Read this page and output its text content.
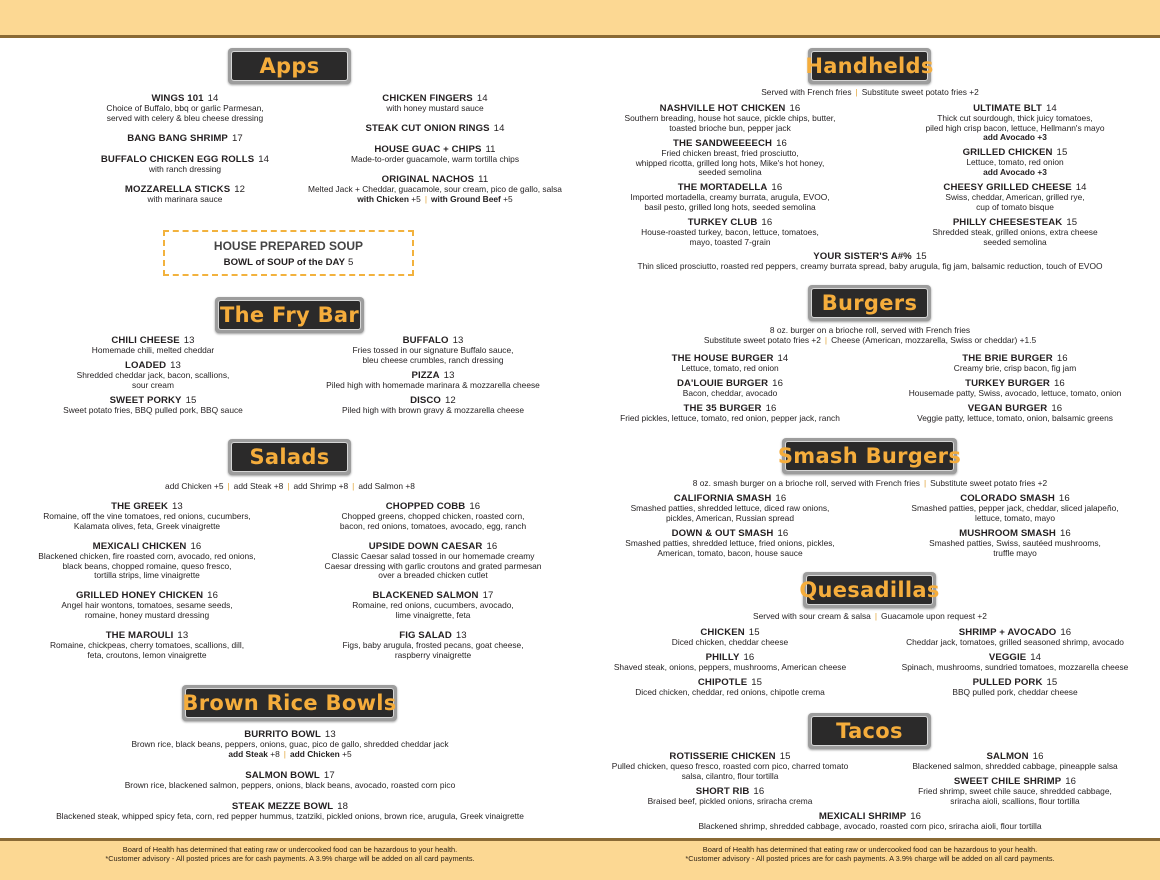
Apps
WINGS 101 14
Choice of Buffalo, bbq or garlic Parmesan,
served with celery & bleu cheese dressing
BANG BANG SHRIMP 17
BUFFALO CHICKEN EGG ROLLS 14
with ranch dressing
MOZZARELLA STICKS 12
with marinara sauce
CHICKEN FINGERS 14
with honey mustard sauce
STEAK CUT ONION RINGS 14
HOUSE GUAC + CHIPS 11
Made-to-order guacamole, warm tortilla chips
ORIGINAL NACHOS 11
Melted Jack + Cheddar, guacamole, sour cream, pico de gallo, salsa
with Chicken +5 | with Ground Beef +5
HOUSE PREPARED SOUP
BOWL of SOUP of the DAY 5
The Fry Bar
CHILI CHEESE 13
Homemade chili, melted cheddar
LOADED 13
Shredded cheddar jack, bacon, scallions,
sour cream
SWEET PORKY 15
Sweet potato fries, BBQ pulled pork, BBQ sauce
BUFFALO 13
Fries tossed in our signature Buffalo sauce,
bleu cheese crumbles, ranch dressing
PIZZA 13
Piled high with homemade marinara & mozzarella cheese
DISCO 12
Piled high with brown gravy & mozzarella cheese
Salads
add Chicken +5 | add Steak +8 | add Shrimp +8 | add Salmon +8
THE GREEK 13
Romaine, off the vine tomatoes, red onions, cucumbers,
Kalamata olives, feta, Greek vinaigrette
MEXICALI CHICKEN 16
Blackened chicken, fire roasted corn, avocado, red onions,
black beans, chopped romaine, queso fresco,
tortilla strips, lime vinaigrette
GRILLED HONEY CHICKEN 16
Angel hair wontons, tomatoes, sesame seeds,
romaine, honey mustard dressing
THE MAROULI 13
Romaine, chickpeas, cherry tomatoes, scallions, dill,
feta, croutons, lemon vinaigrette
CHOPPED COBB 16
Chopped greens, chopped chicken, roasted corn,
bacon, red onions, tomatoes, avocado, egg, ranch
UPSIDE DOWN CAESAR 16
Classic Caesar salad tossed in our homemade creamy
Caesar dressing with garlic croutons and grated parmesan
over a breaded chicken cutlet
BLACKENED SALMON 17
Romaine, red onions, cucumbers, avocado,
lime vinaigrette, feta
FIG SALAD 13
Figs, baby arugula, frosted pecans, goat cheese,
raspberry vinaigrette
Brown Rice Bowls
BURRITO BOWL 13
Brown rice, black beans, peppers, onions, guac, pico de gallo, shredded cheddar jack
add Steak +8 | add Chicken +5
SALMON BOWL 17
Brown rice, blackened salmon, peppers, onions, black beans, avocado, roasted corn pico
STEAK MEZZE BOWL 18
Blackened steak, whipped spicy feta, corn, red pepper hummus, tzatziki, pickled onions, brown rice, arugula, Greek vinaigrette
Handhelds
Served with French fries | Substitute sweet potato fries +2
NASHVILLE HOT CHICKEN 16
Southern breading, house hot sauce, pickle chips, butter,
toasted brioche bun, pepper jack
THE SANDWEEEECH 16
Fried chicken breast, fried prosciutto,
whipped ricotta, grilled long hots, Mike's hot honey,
seeded semolina
THE MORTADELLA 16
Imported mortadella, creamy burrata, arugula, EVOO,
basil pesto, grilled long hots, seeded semolina
TURKEY CLUB 16
House-roasted turkey, bacon, lettuce, tomatoes,
mayo, toasted 7-grain
ULTIMATE BLT 14
Thick cut sourdough, thick juicy tomatoes,
piled high crisp bacon, lettuce, Hellmann's mayo
add Avocado +3
GRILLED CHICKEN 15
Lettuce, tomato, red onion
add Avocado +3
CHEESY GRILLED CHEESE 14
Swiss, cheddar, American, grilled rye,
cup of tomato bisque
PHILLY CHEESESTEAK 15
Shredded steak, grilled onions, extra cheese
seeded semolina
YOUR SISTER'S A#% 15
Thin sliced prosciutto, roasted red peppers, creamy burrata spread, baby arugula, fig jam, balsamic reduction, touch of EVOO
Burgers
8 oz. burger on a brioche roll, served with French fries
Substitute sweet potato fries +2 | Cheese (American, mozzarella, Swiss or cheddar) +1.5
THE HOUSE BURGER 14
Lettuce, tomato, red onion
DA'LOUIE BURGER 16
Bacon, cheddar, avocado
THE 35 BURGER 16
Fried pickles, lettuce, tomato, red onion, pepper jack, ranch
THE BRIE BURGER 16
Creamy brie, crisp bacon, fig jam
TURKEY BURGER 16
Housemade patty, Swiss, avocado, lettuce, tomato, onion
VEGAN BURGER 16
Veggie patty, lettuce, tomato, onion, balsamic greens
Smash Burgers
8 oz. smash burger on a brioche roll, served with French fries | Substitute sweet potato fries +2
CALIFORNIA SMASH 16
Smashed patties, shredded lettuce, diced raw onions,
pickles, American, Russian spread
DOWN & OUT SMASH 16
Smashed patties, shredded lettuce, fried onions, pickles,
American, tomato, bacon, house sauce
COLORADO SMASH 16
Smashed patties, pepper jack, cheddar, sliced jalapeño,
lettuce, tomato, mayo
MUSHROOM SMASH 16
Smashed patties, Swiss, sautéed mushrooms,
truffle mayo
Quesadillas
Served with sour cream & salsa | Guacamole upon request +2
CHICKEN 15
Diced chicken, cheddar cheese
PHILLY 16
Shaved steak, onions, peppers, mushrooms, American cheese
CHIPOTLE 15
Diced chicken, cheddar, red onions, chipotle crema
SHRIMP + AVOCADO 16
Cheddar jack, tomatoes, grilled seasoned shrimp, avocado
VEGGIE 14
Spinach, mushrooms, sundried tomatoes, mozzarella cheese
PULLED PORK 15
BBQ pulled pork, cheddar cheese
Tacos
ROTISSERIE CHICKEN 15
Pulled chicken, queso fresco, roasted corn pico, charred tomato
salsa, cilantro, flour tortilla
SHORT RIB 16
Braised beef, pickled onions, sriracha crema
SALMON 16
Blackened salmon, shredded cabbage, pineapple salsa
SWEET CHILE SHRIMP 16
Fried shrimp, sweet chile sauce, shredded cabbage,
sriracha aioli, scallions, flour tortilla
MEXICALI SHRIMP 16
Blackened shrimp, shredded cabbage, avocado, roasted corn pico, sriracha aioli, flour tortilla
Board of Health has determined that eating raw or undercooked food can be hazardous to your health.
*Customer advisory - All posted prices are for cash payments. A 3.9% charge will be added on all card payments.
Board of Health has determined that eating raw or undercooked food can be hazardous to your health.
*Customer advisory - All posted prices are for cash payments. A 3.9% charge will be added on all card payments.
